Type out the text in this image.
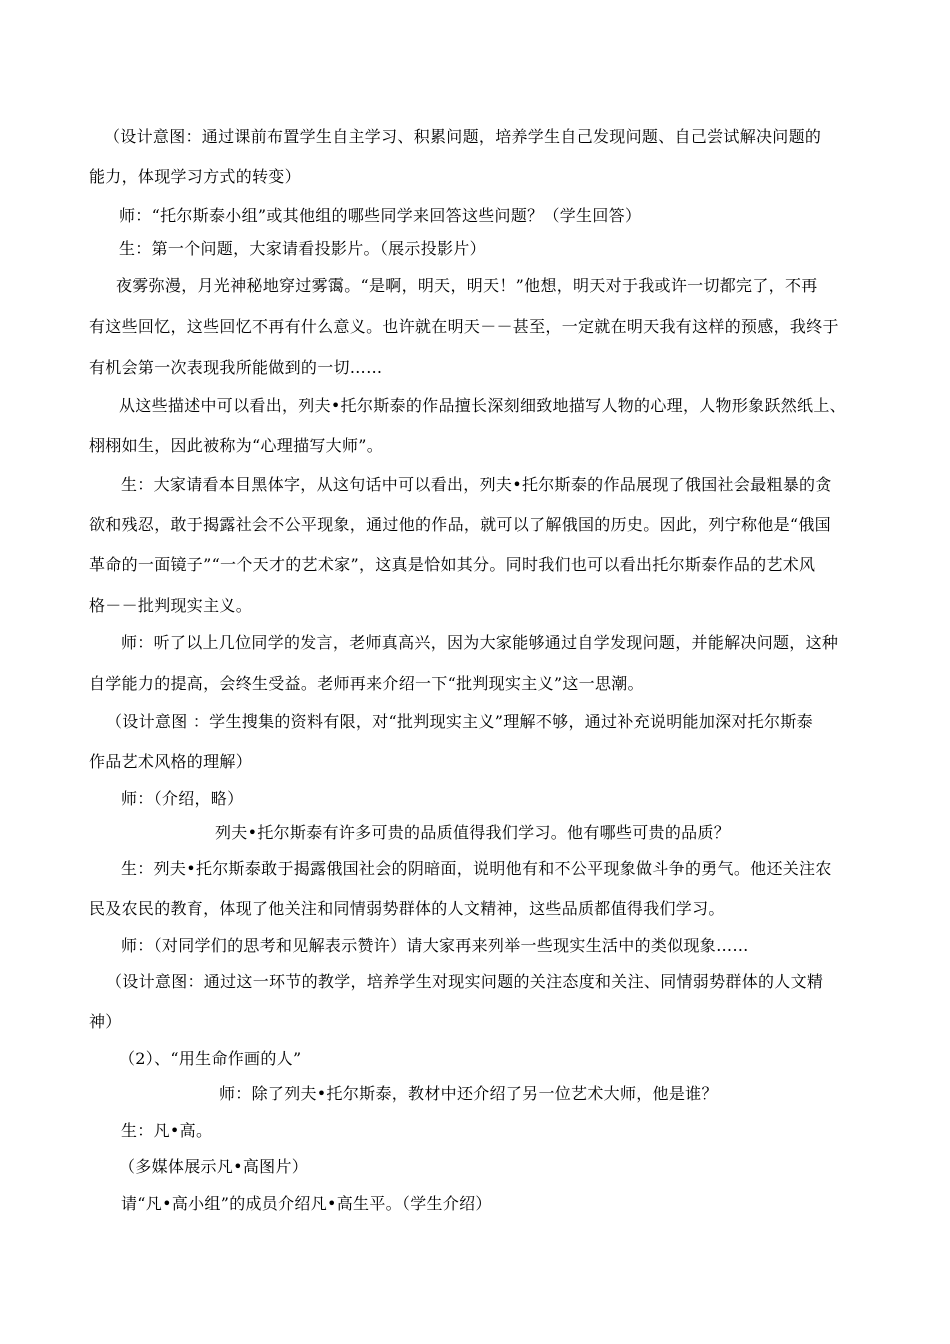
（设计意图：通过课前布置学生自主学习、积累问题，培养学生自己发现问题、自己尝试解决问题的
能力，体现学习方式的转变）
师：“托尔斯泰小组”或其他组的哪些同学来回答这些问题？（学生回答）
生：第一个问题，大家请看投影片。（展示投影片）
夜雾弥漫，月光神秘地穿过雾霭。“是啊，明天，明天！”他想，明天对于我或许一切都完了，不再
有这些回忆，这些回忆不再有什么意义。也许就在明天－－甚至，一定就在明天我有这样的预感，我终于
有机会第一次表现我所能做到的一切……
从这些描述中可以看出，列夫•托尔斯泰的作品擅长深刻细致地描写人物的心理，人物形象跃然纸上、
栩栩如生，因此被称为“心理描写大师”。
生：大家请看本目黑体字，从这句话中可以看出，列夫•托尔斯泰的作品展现了俄国社会最粗暴的贪
欲和残忍，敢于揭露社会不公平现象，通过他的作品，就可以了解俄国的历史。因此，列宁称他是“俄国
革命的一面镜子”“一个天才的艺术家”，这真是恰如其分。同时我们也可以看出托尔斯泰作品的艺术风
格－－批判现实主义。
师：听了以上几位同学的发言，老师真高兴，因为大家能够通过自学发现问题，并能解决问题，这种
自学能力的提高，会终生受益。老师再来介绍一下“批判现实主义”这一思潮。
（设计意图 ：学生搜集的资料有限，对“批判现实主义”理解不够，通过补充说明能加深对托尔斯泰
作品艺术风格的理解）
师：（介绍，略）
列夫•托尔斯泰有许多可贵的品质值得我们学习。他有哪些可贵的品质？
生：列夫•托尔斯泰敢于揭露俄国社会的阴暗面，说明他有和不公平现象做斗争的勇气。他还关注农
民及农民的教育，体现了他关注和同情弱势群体的人文精神，这些品质都值得我们学习。
师：（对同学们的思考和见解表示赞许）请大家再来列举一些现实生活中的类似现象……
（设计意图：通过这一环节的教学，培养学生对现实问题的关注态度和关注、同情弱势群体的人文精
神）
（2）、“用生命作画的人”
师：除了列夫•托尔斯泰，教材中还介绍了另一位艺术大师，他是谁？
生：凡•高。
（多媒体展示凡•高图片）
请“凡•高小组”的成员介绍凡•高生平。（学生介绍）
